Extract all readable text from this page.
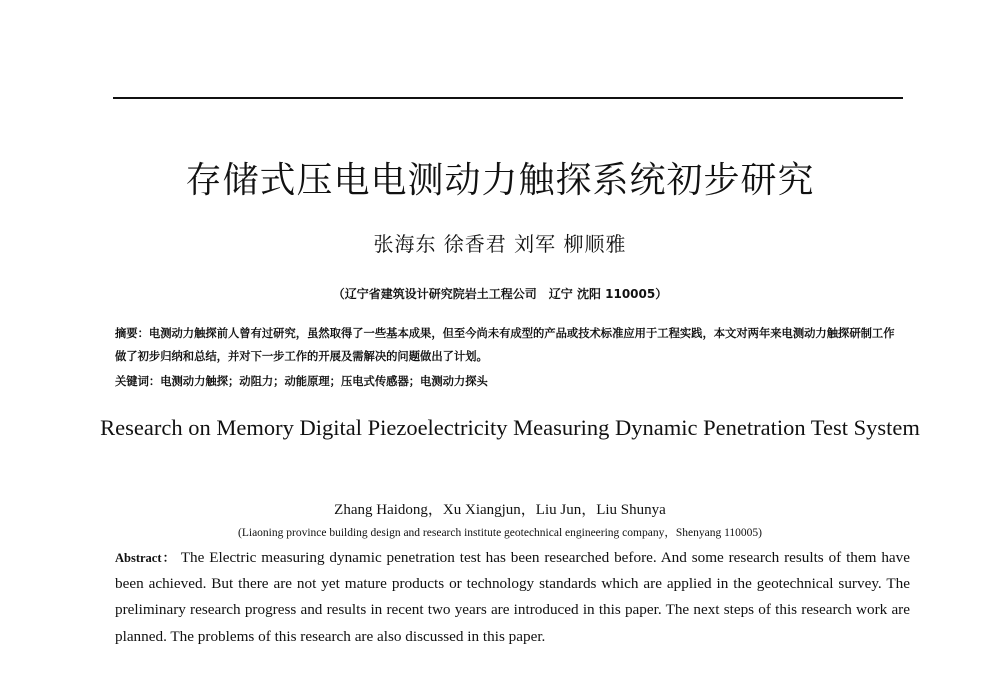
存储式压电电测动力触探系统初步研究
张海东 徐香君 刘军 柳顺雅
（辽宁省建筑设计研究院岩土工程公司　辽宁 沈阳 110005）
摘要：电测动力触探前人曾有过研究，虽然取得了一些基本成果，但至今尚未有成型的产品或技术标准应用于工程实践，本文对两年来电测动力触探研制工作做了初步归纳和总结，并对下一步工作的开展及需解决的问题做出了计划。
关键词：电测动力触探；动阻力；动能原理；压电式传感器；电测动力探头
Research on Memory Digital Piezoelectricity Measuring Dynamic Penetration Test System
Zhang Haidong，Xu Xiangjun，Liu Jun，Liu Shunya
(Liaoning province building design and research institute geotechnical engineering company，Shenyang 110005)
Abstract： The Electric measuring dynamic penetration test has been researched before. And some research results of them have been achieved. But there are not yet mature products or technology standards which are applied in the geotechnical survey. The preliminary research progress and results in recent two years are introduced in this paper. The next steps of this research work are planned. The problems of this research are also discussed in this paper.
